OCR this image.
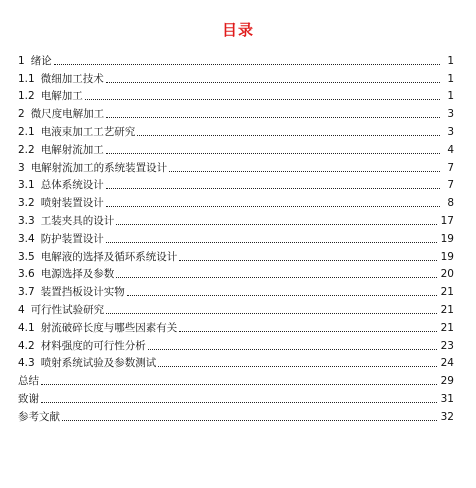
目录
1 绪论	1
1.1 微细加工技术	1
1.2 电解加工	1
2 微尺度电解加工	3
2.1 电液束加工工艺研究	3
2.2 电解射流加工	4
3 电解射流加工的系统装置设计	7
3.1 总体系统设计	7
3.2 喷射装置设计	8
3.3 工装夹具的设计	17
3.4 防护装置设计	19
3.5 电解液的选择及循环系统设计	19
3.6 电源选择及参数	20
3.7 装置挡板设计实物	21
4 可行性试验研究	21
4.1 射流破碎长度与哪些因素有关	21
4.2 材料强度的可行性分析	23
4.3 喷射系统试验及参数测试	24
总结	29
致谢	31
参考文献	32
